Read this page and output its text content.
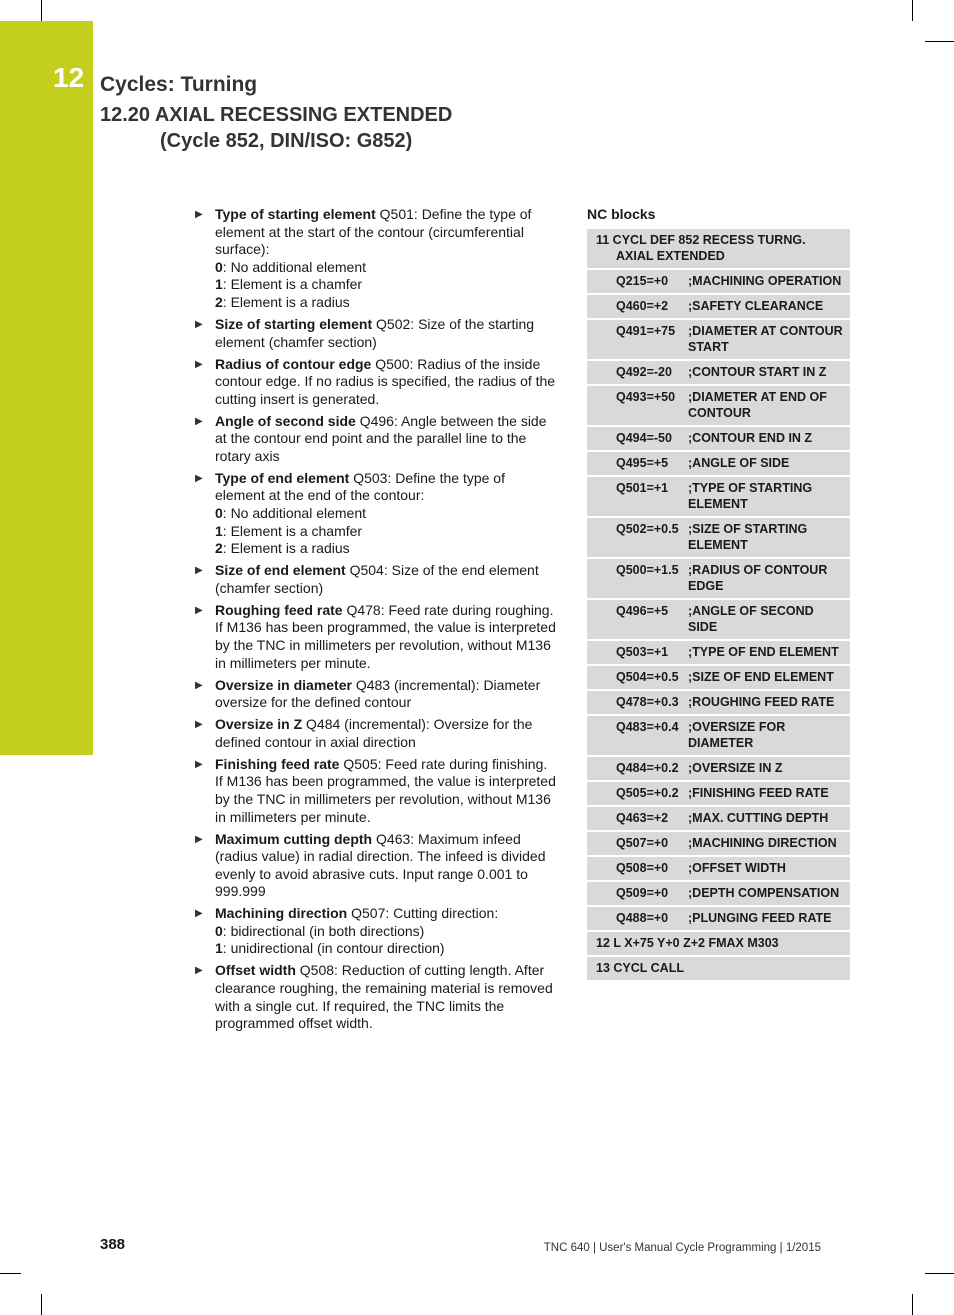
12 Cycles: Turning
12.20 AXIAL RECESSING EXTENDED
(Cycle 852, DIN/ISO: G852)
▶ Type of starting element Q501: Define the type of element at the start of the contour (circumferential surface):
0: No additional element
1: Element is a chamfer
2: Element is a radius
▶ Size of starting element Q502: Size of the starting element (chamfer section)
▶ Radius of contour edge Q500: Radius of the inside contour edge. If no radius is specified, the radius of the cutting insert is generated.
▶ Angle of second side Q496: Angle between the side at the contour end point and the parallel line to the rotary axis
▶ Type of end element Q503: Define the type of element at the end of the contour:
0: No additional element
1: Element is a chamfer
2: Element is a radius
▶ Size of end element Q504: Size of the end element (chamfer section)
▶ Roughing feed rate Q478: Feed rate during roughing. If M136 has been programmed, the value is interpreted by the TNC in millimeters per revolution, without M136 in millimeters per minute.
▶ Oversize in diameter Q483 (incremental): Diameter oversize for the defined contour
▶ Oversize in Z Q484 (incremental): Oversize for the defined contour in axial direction
▶ Finishing feed rate Q505: Feed rate during finishing. If M136 has been programmed, the value is interpreted by the TNC in millimeters per revolution, without M136 in millimeters per minute.
▶ Maximum cutting depth Q463: Maximum infeed (radius value) in radial direction. The infeed is divided evenly to avoid abrasive cuts. Input range 0.001 to 999.999
▶ Machining direction Q507: Cutting direction:
0: bidirectional (in both directions)
1: unidirectional (in contour direction)
▶ Offset width Q508: Reduction of cutting length. After clearance roughing, the remaining material is removed with a single cut. If required, the TNC limits the programmed offset width.
NC blocks
11 CYCL DEF 852 RECESS TURNG.
AXIAL EXTENDED
Q215=+0 ;MACHINING OPERATION
Q460=+2 ;SAFETY CLEARANCE
Q491=+75 ;DIAMETER AT CONTOUR START
Q492=-20 ;CONTOUR START IN Z
Q493=+50 ;DIAMETER AT END OF CONTOUR
Q494=-50 ;CONTOUR END IN Z
Q495=+5 ;ANGLE OF SIDE
Q501=+1 ;TYPE OF STARTING ELEMENT
Q502=+0.5 ;SIZE OF STARTING ELEMENT
Q500=+1.5 ;RADIUS OF CONTOUR EDGE
Q496=+5 ;ANGLE OF SECOND SIDE
Q503=+1 ;TYPE OF END ELEMENT
Q504=+0.5 ;SIZE OF END ELEMENT
Q478=+0.3 ;ROUGHING FEED RATE
Q483=+0.4 ;OVERSIZE FOR DIAMETER
Q484=+0.2 ;OVERSIZE IN Z
Q505=+0.2 ;FINISHING FEED RATE
Q463=+2 ;MAX. CUTTING DEPTH
Q507=+0 ;MACHINING DIRECTION
Q508=+0 ;OFFSET WIDTH
Q509=+0 ;DEPTH COMPENSATION
Q488=+0 ;PLUNGING FEED RATE
12 L X+75 Y+0 Z+2 FMAX M303
13 CYCL CALL
388	TNC 640 | User's Manual Cycle Programming | 1/2015
